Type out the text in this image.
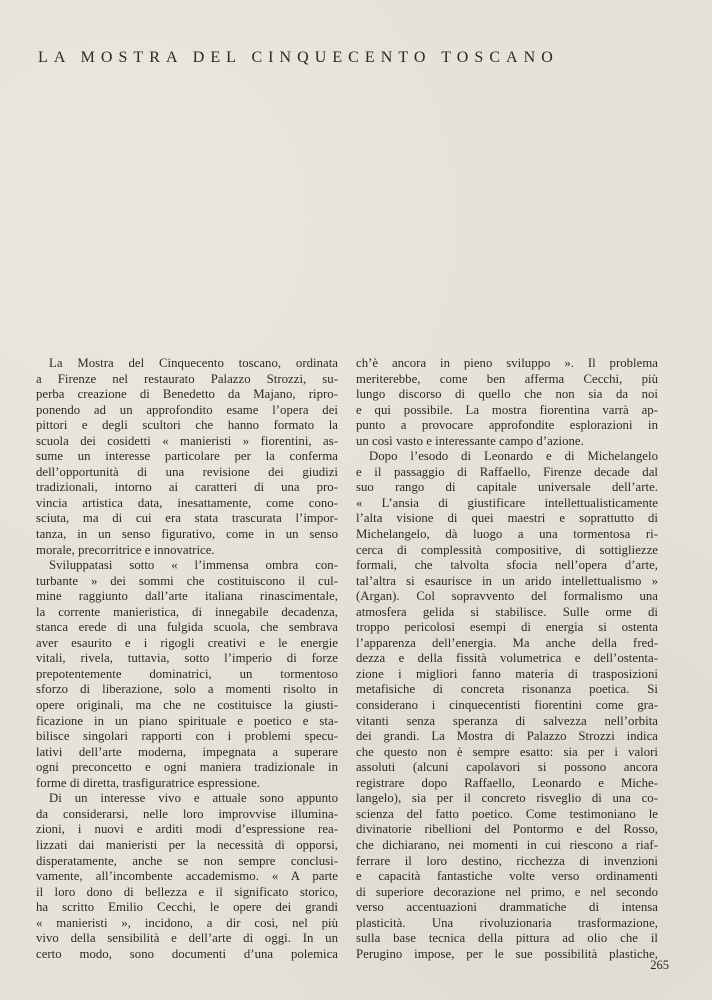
LA MOSTRA DEL CINQUECENTO TOSCANO
La Mostra del Cinquecento toscano, ordinata
a Firenze nel restaurato Palazzo Strozzi, su-
perba creazione di Benedetto da Majano, ripro-
ponendo ad un approfondito esame l’opera dei
pittori e degli scultori che hanno formato la
scuola dei cosidetti « manieristi » fiorentini, as-
sume un interesse particolare per la conferma
dell’opportunità di una revisione dei giudizi
tradizionali, intorno ai caratteri di una pro-
vincia artistica data, inesattamente, come cono-
sciuta, ma di cui era stata trascurata l’impor-
tanza, in un senso figurativo, come in un senso
morale, precorritrice e innovatrice.
Sviluppatasi sotto « l’immensa ombra con-
turbante » dei sommi che costituiscono il cul-
mine raggiunto dall’arte italiana rinascimentale,
la corrente manieristica, di innegabile decadenza,
stanca erede di una fulgida scuola, che sembrava
aver esaurito e i rigogli creativi e le energie
vitali, rivela, tuttavia, sotto l’imperio di forze
prepotentemente dominatrici, un tormentoso
sforzo di liberazione, solo a momenti risolto in
opere originali, ma che ne costituisce la giusti-
ficazione in un piano spirituale e poetico e sta-
bilisce singolari rapporti con i problemi specu-
lativi dell’arte moderna, impegnata a superare
ogni preconcetto e ogni maniera tradizionale in
forme di diretta, trasfiguratrice espressione.
Di un interesse vivo e attuale sono appunto
da considerarsi, nelle loro improvvise illumina-
zioni, i nuovi e arditi modi d’espressione rea-
lizzati dai manieristi per la necessità di opporsi,
disperatamente, anche se non sempre conclusi-
vamente, all’incombente accademismo. « A parte
il loro dono di bellezza e il significato storico,
ha scritto Emilio Cecchi, le opere dei grandi
« manieristi », incidono, a dir così, nel più
vivo della sensibilità e dell’arte di oggi. In un
certo modo, sono documenti d’una polemica
ch’è ancora in pieno sviluppo ». Il problema
meriterebbe, come ben afferma Cecchi, più
lungo discorso di quello che non sia da noi
e qui possibile. La mostra fiorentina varrà ap-
punto a provocare approfondite esplorazioni in
un così vasto e interessante campo d’azione.
Dopo l’esodo di Leonardo e di Michelangelo
e il passaggio di Raffaello, Firenze decade dal
suo rango di capitale universale dell’arte.
« L’ansia di giustificare intellettualisticamente
l’alta visione di quei maestri e soprattutto di
Michelangelo, dà luogo a una tormentosa ri-
cerca di complessità compositive, di sottigliezze
formali, che talvolta sfocia nell’opera d’arte,
tal’altra si esaurisce in un arido intellettualismo »
(Argan). Col sopravvento del formalismo una
atmosfera gelida si stabilisce. Sulle orme di
troppo pericolosi esempi di energia si ostenta
l’apparenza dell’energia. Ma anche della fred-
dezza e della fissità volumetrica e dell’ostenta-
zione i migliori fanno materia di trasposizioni
metafisiche di concreta risonanza poetica. Si
considerano i cinquecentisti fiorentini come gra-
vitanti senza speranza di salvezza nell’orbita
dei grandi. La Mostra di Palazzo Strozzi indica
che questo non è sempre esatto: sia per i valori
assoluti (alcuni capolavori si possono ancora
registrare dopo Raffaello, Leonardo e Miche-
langelo), sia per il concreto risveglio di una co-
scienza del fatto poetico. Come testimoniano le
divinatorie ribellioni del Pontormo e del Rosso,
che dichiarano, nei momenti in cui riescono a riaf-
ferrare il loro destino, ricchezza di invenzioni
e capacità fantastiche volte verso ordinamenti
di superiore decorazione nel primo, e nel secondo
verso accentuazioni drammatiche di intensa
plasticità. Una rivoluzionaria trasformazione,
sulla base tecnica della pittura ad olio che il
Perugino impose, per le sue possibilità plastiche,
265
